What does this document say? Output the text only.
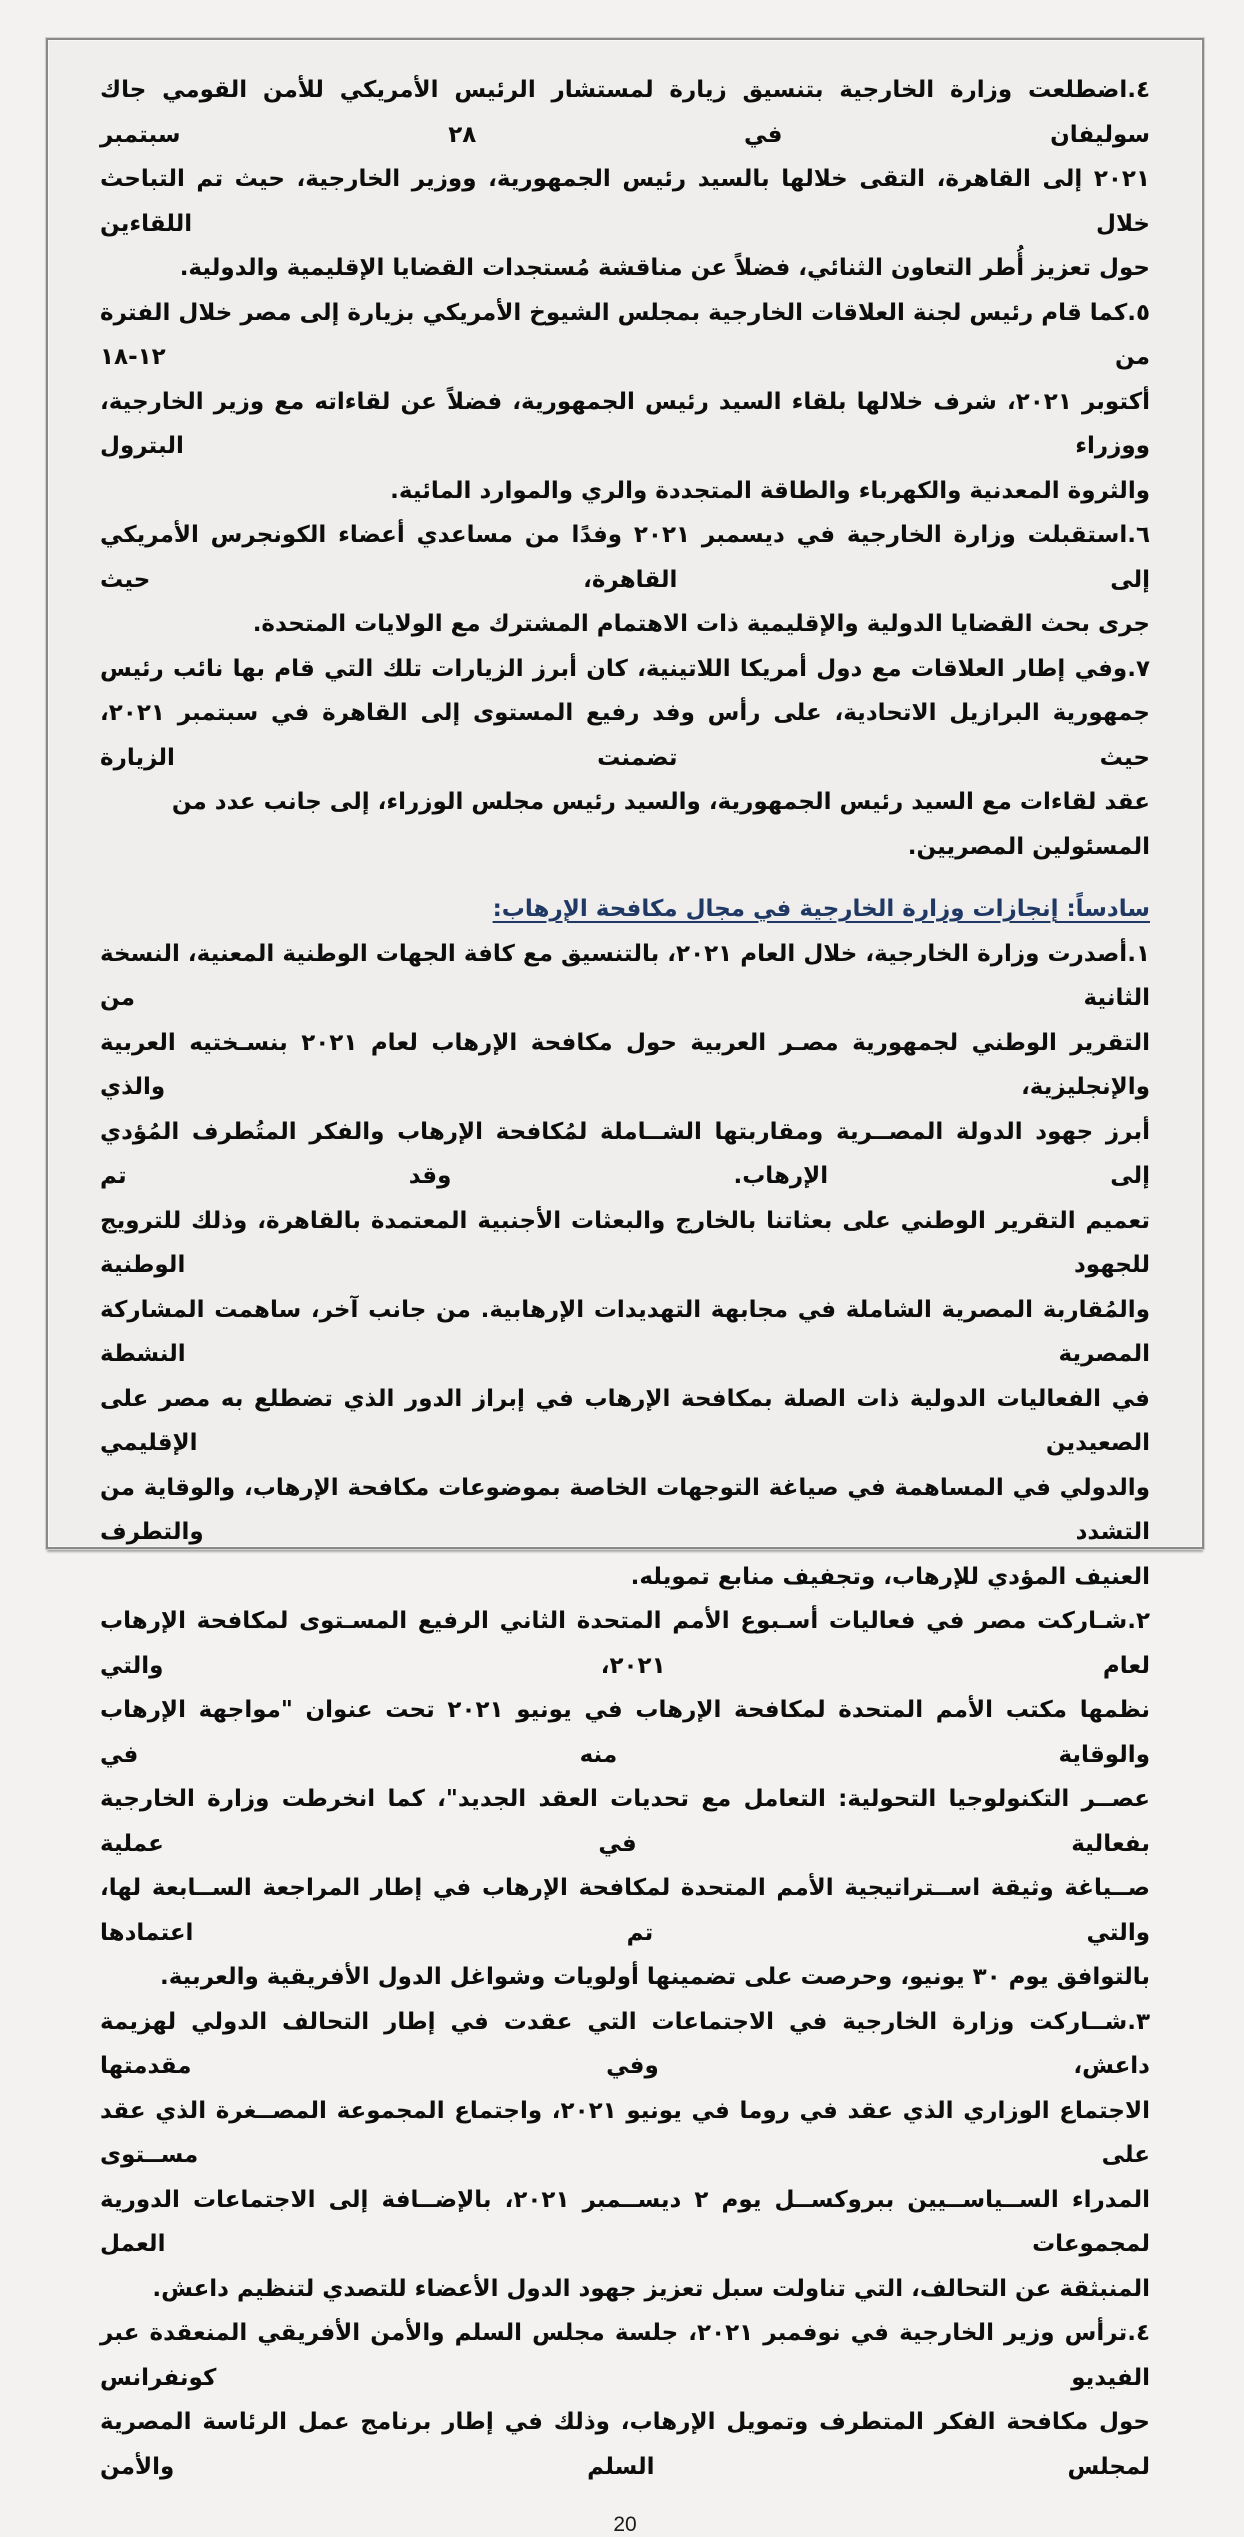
٤.اضطلعت وزارة الخارجية بتنسيق زيارة لمستشار الرئيس الأمريكي للأمن القومي جاك سوليفان في ٢٨ سبتمبر
٢٠٢١ إلى القاهرة، التقى خلالها بالسيد رئيس الجمهورية، ووزير الخارجية، حيث تم التباحث خلال اللقاءين
حول تعزيز أُطر التعاون الثنائي، فضلاً عن مناقشة مُستجدات القضايا الإقليمية والدولية.
٥.كما قام رئيس لجنة العلاقات الخارجية بمجلس الشيوخ الأمريكي بزيارة إلى مصر خلال الفترة من ١٢-١٨
أكتوبر ٢٠٢١، شرف خلالها بلقاء السيد رئيس الجمهورية، فضلاً عن لقاءاته مع وزير الخارجية، ووزراء البترول
والثروة المعدنية والكهرباء والطاقة المتجددة والري والموارد المائية.
٦.استقبلت وزارة الخارجية في ديسمبر ٢٠٢١ وفدًا من مساعدي أعضاء الكونجرس الأمريكي إلى القاهرة، حيث
جرى بحث القضايا الدولية والإقليمية ذات الاهتمام المشترك مع الولايات المتحدة.
٧.وفي إطار العلاقات مع دول أمريكا اللاتينية، كان أبرز الزيارات تلك التي قام بها نائب رئيس
جمهورية البرازيل الاتحادية، على رأس وفد رفيع المستوى إلى القاهرة في سبتمبر ٢٠٢١، حيث تضمنت الزيارة
عقد لقاءات مع السيد رئيس الجمهورية، والسيد رئيس مجلس الوزراء، إلى جانب عدد من المسئولين المصريين.
سادساً: إنجازات وزارة الخارجية في مجال مكافحة الإرهاب:
١.أصدرت وزارة الخارجية، خلال العام ٢٠٢١، بالتنسيق مع كافة الجهات الوطنية المعنية، النسخة الثانية من
التقرير الوطني لجمهورية مصـر العربية حول مكافحة الإرهاب لعام ٢٠٢١ بنسـختيه العربية والإنجليزية، والذي
أبرز جهود الدولة المصــرية ومقاربتها الشــاملة لمُكافحة الإرهاب والفكر المتُطرف المُؤدي إلى الإرهاب. وقد تم
تعميم التقرير الوطني على بعثاتنا بالخارج والبعثات الأجنبية المعتمدة بالقاهرة، وذلك للترويج للجهود الوطنية
والمُقاربة المصرية الشاملة في مجابهة التهديدات الإرهابية. من جانب آخر، ساهمت المشاركة المصرية النشطة
في الفعاليات الدولية ذات الصلة بمكافحة الإرهاب في إبراز الدور الذي تضطلع به مصر على الصعيدين الإقليمي
والدولي في المساهمة في صياغة التوجهات الخاصة بموضوعات مكافحة الإرهاب، والوقاية من التشدد والتطرف
العنيف المؤدي للإرهاب، وتجفيف منابع تمويله.
٢.شـاركت مصر في فعاليات أسـبوع الأمم المتحدة الثاني الرفيع المسـتوى لمكافحة الإرهاب لعام ٢٠٢١، والتي
نظمها مكتب الأمم المتحدة لمكافحة الإرهاب في يونيو ٢٠٢١ تحت عنوان "مواجهة الإرهاب والوقاية منه في
عصــر التكنولوجيا التحولية: التعامل مع تحديات العقد الجديد"، كما انخرطت وزارة الخارجية بفعالية في عملية
صــياغة وثيقة اســتراتيجية الأمم المتحدة لمكافحة الإرهاب في إطار المراجعة الســابعة لها، والتي تم اعتمادها
بالتوافق يوم ٣٠ يونيو، وحرصت على تضمينها أولويات وشواغل الدول الأفريقية والعربية.
٣.شــاركت وزارة الخارجية في الاجتماعات التي عقدت في إطار التحالف الدولي لهزيمة داعش، وفي مقدمتها
الاجتماع الوزاري الذي عقد في روما في يونيو ٢٠٢١، واجتماع المجموعة المصــغرة الذي عقد على مســتوى
المدراء الســياســيين ببروكســل يوم ٢ ديســمبر ٢٠٢١، بالإضــافة إلى الاجتماعات الدورية لمجموعات العمل
المنبثقة عن التحالف، التي تناولت سبل تعزيز جهود الدول الأعضاء للتصدي لتنظيم داعش.
٤.ترأس وزير الخارجية في نوفمبر ٢٠٢١، جلسة مجلس السلم والأمن الأفريقي المنعقدة عبر الفيديو كونفرانس
حول مكافحة الفكر المتطرف وتمويل الإرهاب، وذلك في إطار برنامج عمل الرئاسة المصرية لمجلس السلم والأمن
20
